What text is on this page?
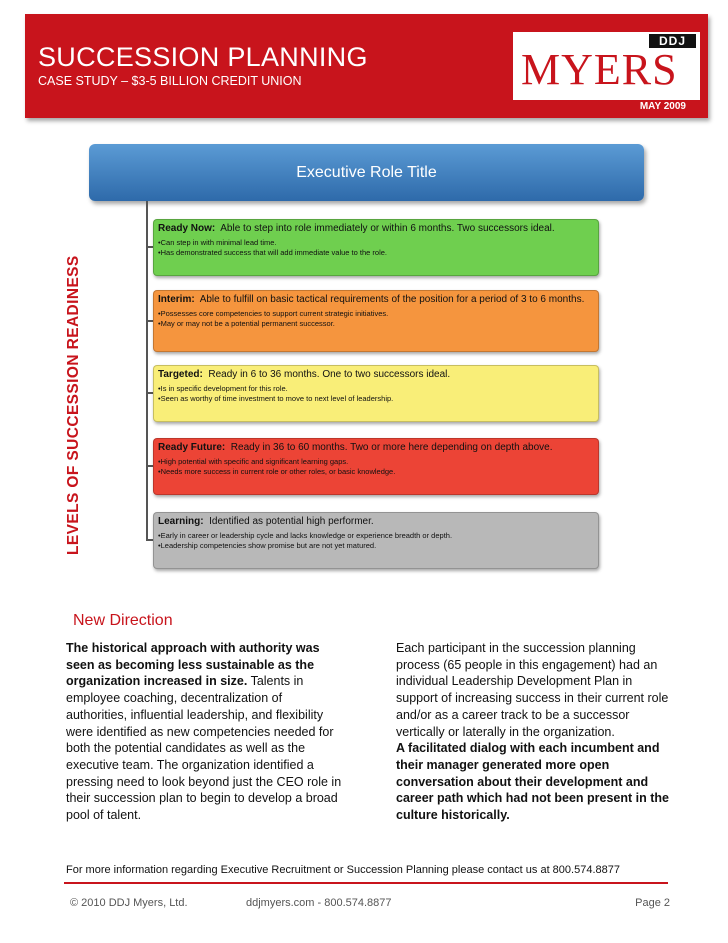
SUCCESSION PLANNING
CASE STUDY – $3-5 BILLION CREDIT UNION
DDJ
MYERS
MAY 2009
LEVELS OF SUCCESSION READINESS
Executive Role Title
Ready Now: Able to step into role immediately or within 6 months. Two successors ideal.
•Can step in with minimal lead time.
•Has demonstrated success that will add immediate value to the role.
Interim: Able to fulfill on basic tactical requirements of the position for a period of 3 to 6 months.
•Possesses core competencies to support current strategic initiatives.
•May or may not be a potential permanent successor.
Targeted: Ready in 6 to 36 months. One to two successors ideal.
•Is in specific development for this role.
•Seen as worthy of time investment to move to next level of leadership.
Ready Future: Ready in 36 to 60 months. Two or more here depending on depth above.
•High potential with specific and significant learning gaps.
•Needs more success in current role or other roles, or basic knowledge.
Learning: Identified as potential high performer.
•Early in career or leadership cycle and lacks knowledge or experience breadth or depth.
•Leadership competencies show promise but are not yet matured.
New Direction
The historical approach with authority was seen as becoming less sustainable as the organization increased in size. Talents in employee coaching, decentralization of authorities, influential leadership, and flexibility were identified as new competencies needed for both the potential candidates as well as the executive team. The organization identified a pressing need to look beyond just the CEO role in their succession plan to begin to develop a broad pool of talent.
Each participant in the succession planning process (65 people in this engagement) had an individual Leadership Development Plan in support of increasing success in their current role and/or as a career track to be a successor vertically or laterally in the organization.
A facilitated dialog with each incumbent and their manager generated more open conversation about their development and career path which had not been present in the culture historically.
For more information regarding Executive Recruitment or Succession Planning please contact us at 800.574.8877
© 2010 DDJ Myers, Ltd.	ddjmyers.com - 800.574.8877	Page 2
